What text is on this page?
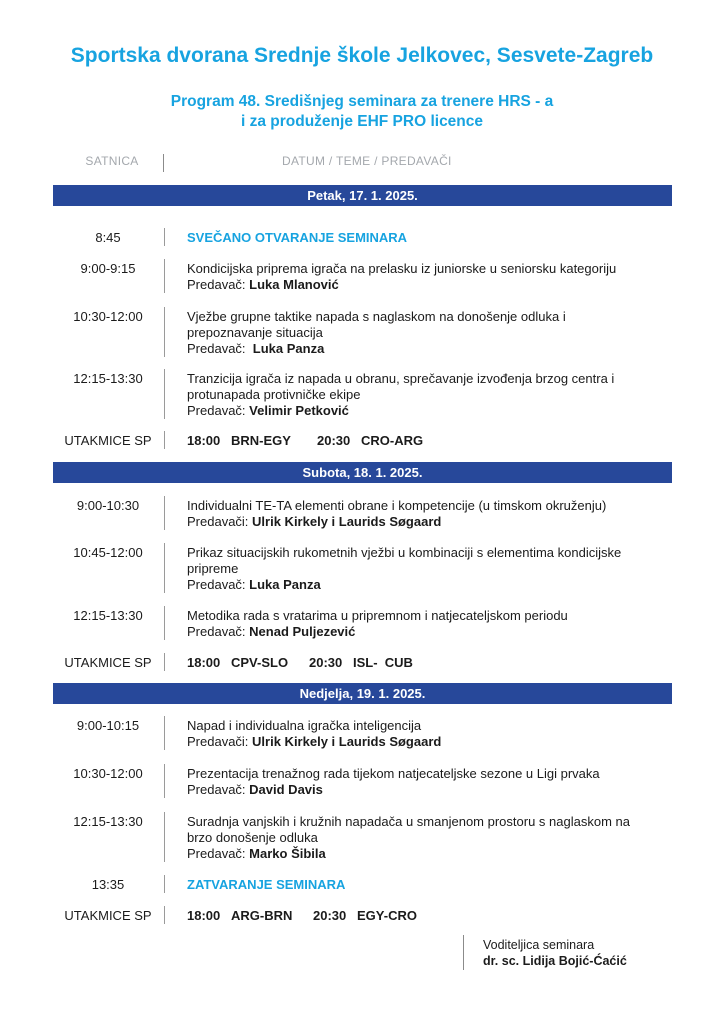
Sportska dvorana Srednje škole Jelkovec, Sesvete-Zagreb
Program 48. Središnjeg seminara za trenere HRS - a
i za produženje EHF PRO licence
SATNICA	DATUM / TEME / PREDAVAČI
Petak, 17. 1. 2025.
8:45	SVEČANO OTVARANJE SEMINARA
9:00-9:15	Kondicijska priprema igrača na prelasku iz juniorske u seniorsku kategoriju
Predavač: Luka Mlanović
10:30-12:00	Vježbe grupne taktike napada s naglaskom na donošenje odluka i
prepoznavanje situacija
Predavač: Luka Panza
12:15-13:30	Tranzicija igrača iz napada u obranu, sprečavanje izvođenja brzog centra i
protunapada protivničke ekipe
Predavač: Velimir Petković
UTAKMICE SP	18:00 BRN-EGY 20:30 CRO-ARG
Subota, 18. 1. 2025.
9:00-10:30	Individualni TE-TA elementi obrane i kompetencije (u timskom okruženju)
Predavači: Ulrik Kirkely i Laurids Søgaard
10:45-12:00	Prikaz situacijskih rukometnih vježbi u kombinaciji s elementima kondicijske
pripreme
Predavač: Luka Panza
12:15-13:30	Metodika rada s vratarima u pripremnom i natjecateljskom periodu
Predavač: Nenad Puljezević
UTAKMICE SP	18:00 CPV-SLO 20:30 ISL-  CUB
Nedjelja, 19. 1. 2025.
9:00-10:15	Napad i individualna igračka inteligencija
Predavači: Ulrik Kirkely i Laurids Søgaard
10:30-12:00	Prezentacija trenažnog rada tijekom natjecateljske sezone u Ligi prvaka
Predavač: David Davis
12:15-13:30	Suradnja vanjskih i kružnih napadača u smanjenom prostoru s naglaskom na
brzo donošenje odluka
Predavač: Marko Šibila
13:35	ZATVARANJE SEMINARA
UTAKMICE SP	18:00 ARG-BRN 20:30 EGY-CRO
Voditeljica seminara
dr. sc. Lidija Bojić-Ćaćić
